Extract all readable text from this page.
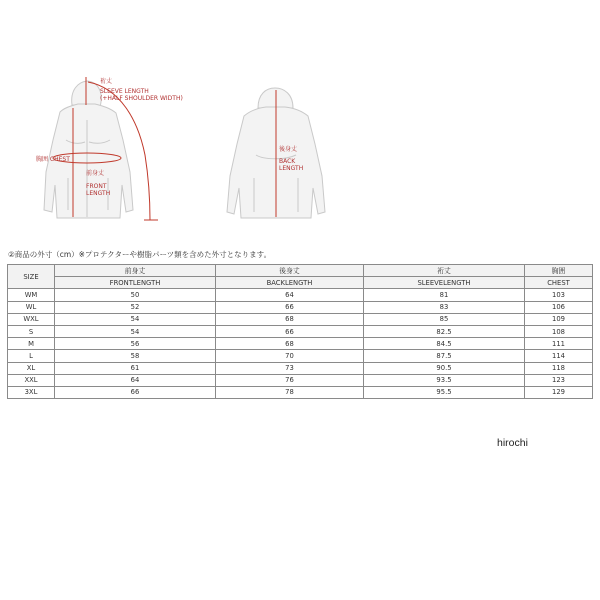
裄丈
SLEEVE LENGTH
(+HALF SHOULDER WIDTH)
胸囲 CHEST
前身丈
FRONT
LENGTH
後身丈
BACK
LENGTH
②商品の外寸（cm）※プロテクターや樹脂パーツ類を含めた外寸となります。
SIZE	前身丈	後身丈	裄丈	胸囲
	FRONTLENGTH	BACKLENGTH	SLEEVELENGTH	CHEST
WM	50	64	81	103
WL	52	66	83	106
WXL	54	68	85	109
S	54	66	82.5	108
M	56	68	84.5	111
L	58	70	87.5	114
XL	61	73	90.5	118
XXL	64	76	93.5	123
3XL	66	78	95.5	129
hirochi
